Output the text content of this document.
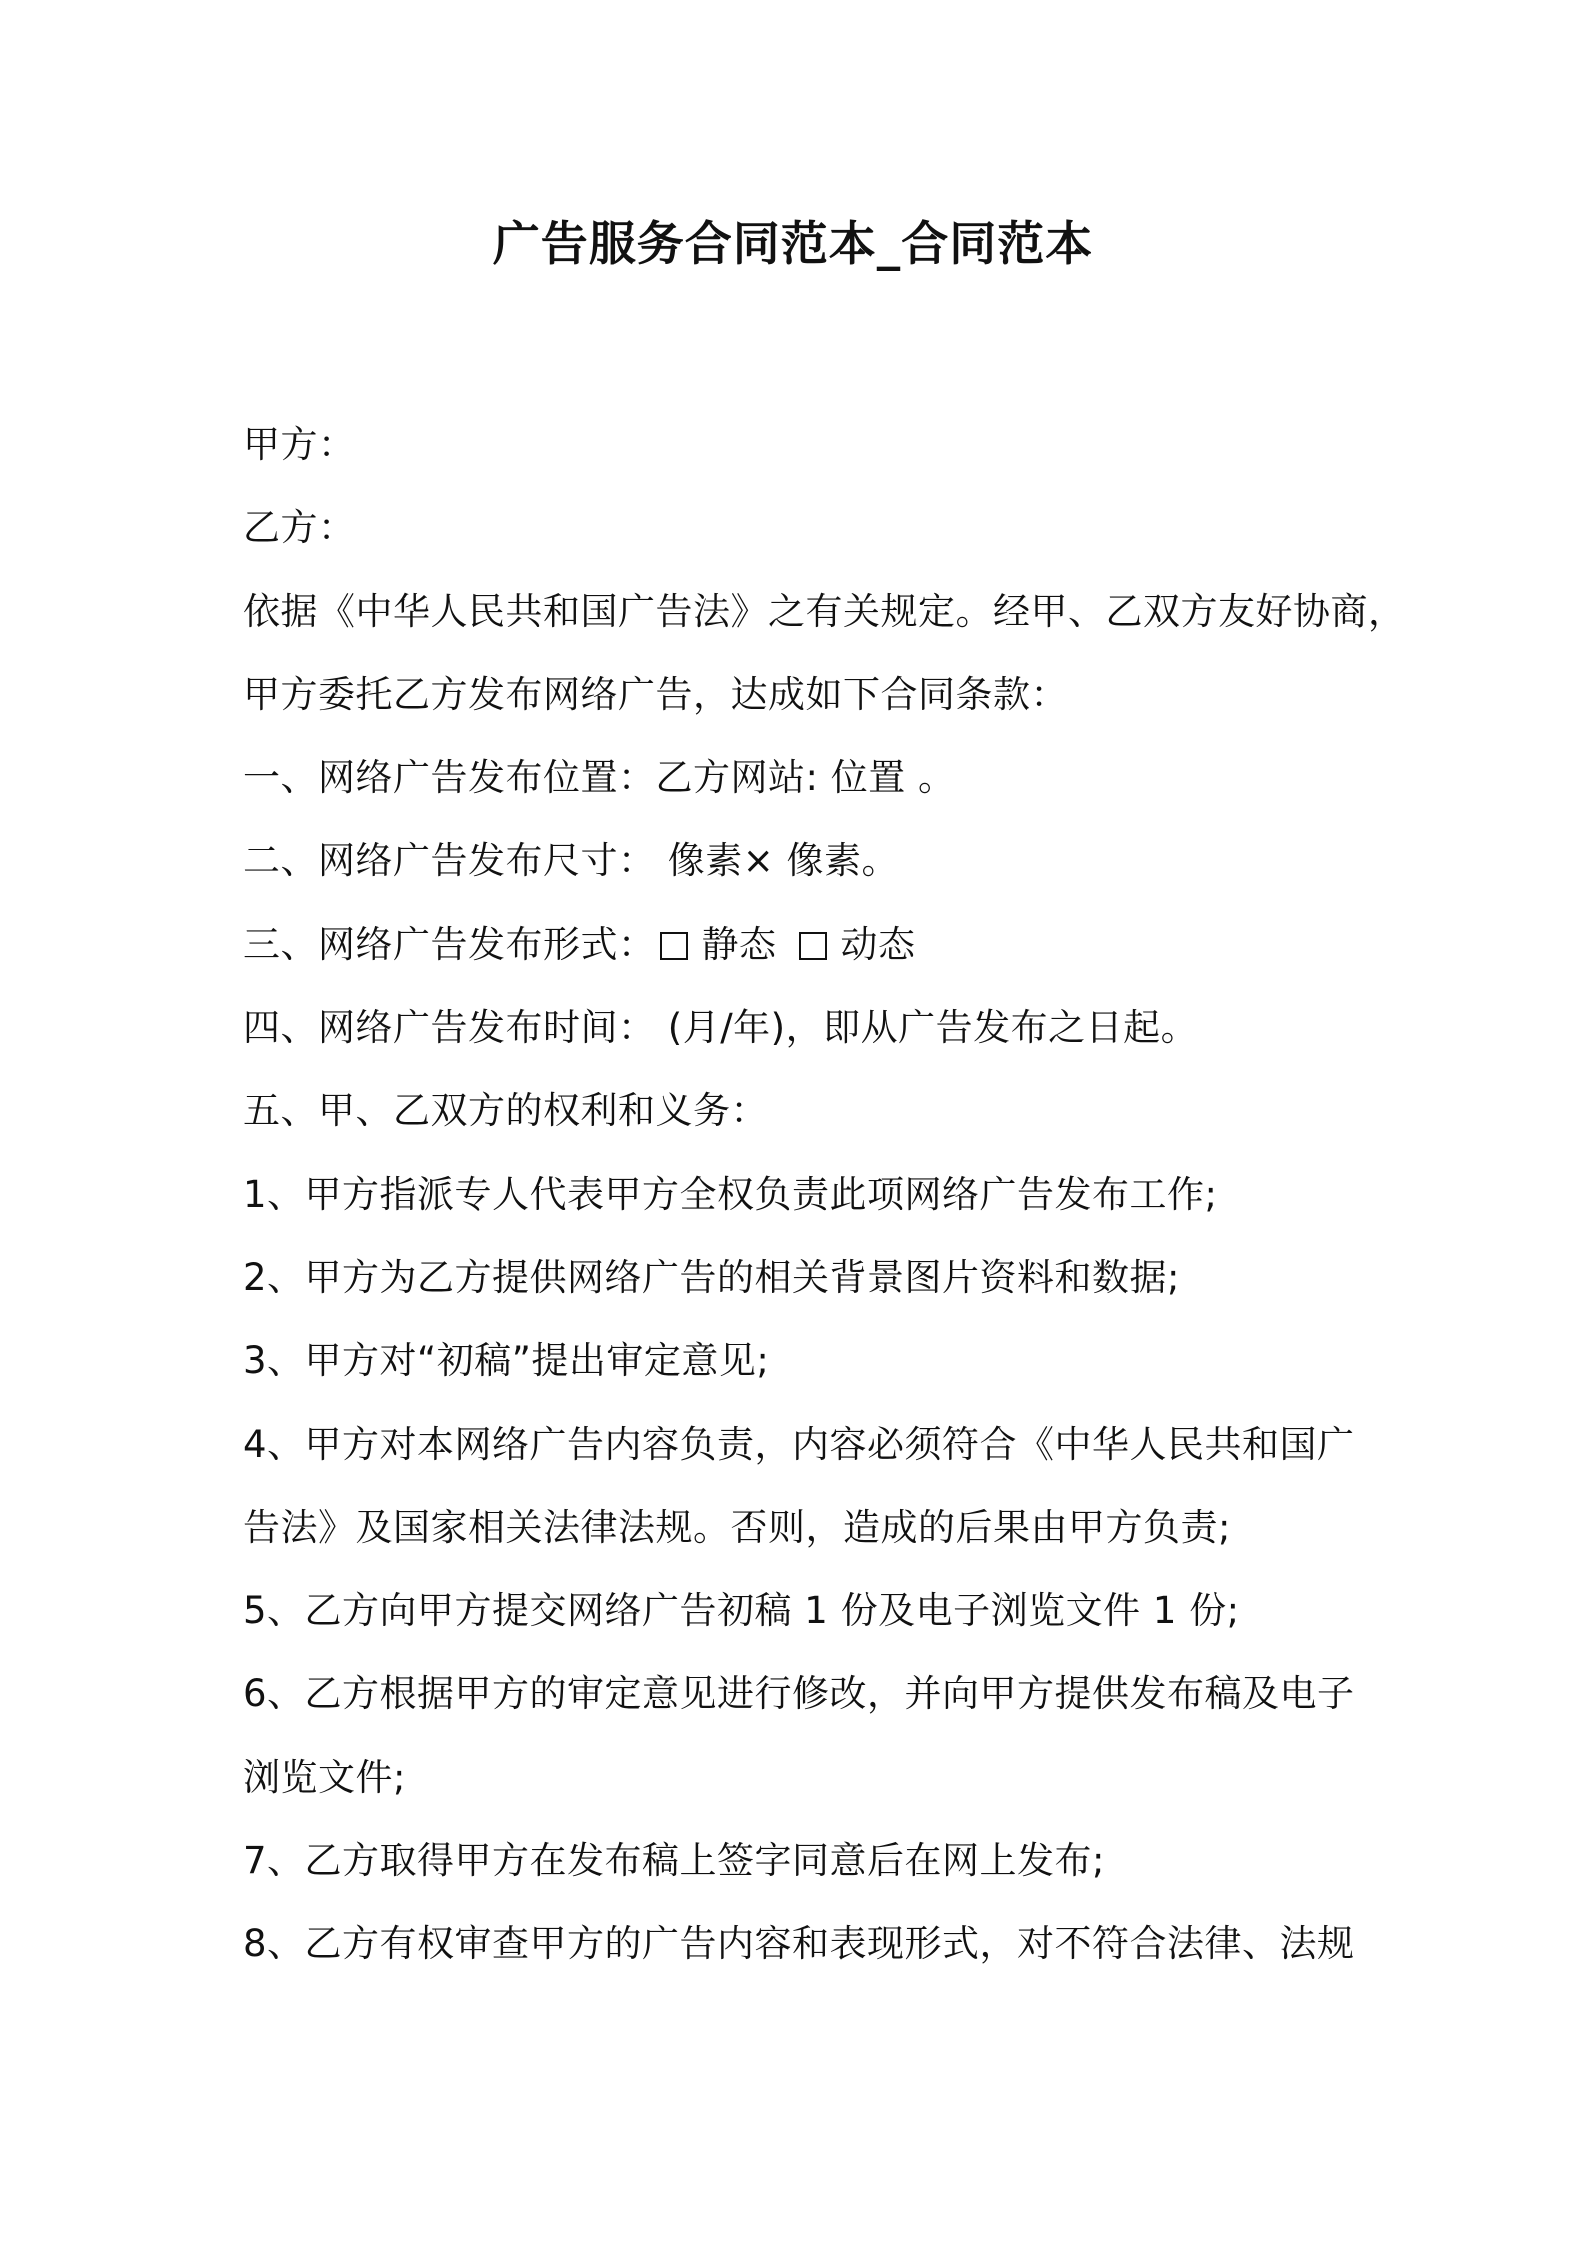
广告服务合同范本_合同范本
甲方：
乙方：
依据《中华人民共和国广告法》之有关规定。经甲、乙双方友好协商，
甲方委托乙方发布网络广告，达成如下合同条款：
一、网络广告发布位置：乙方网站: 位置 。
二、网络广告发布尺寸： 像素× 像素。
三、网络广告发布形式： 静态 动态
四、网络广告发布时间： (月/年)，即从广告发布之日起。
五、甲、乙双方的权利和义务：
1、甲方指派专人代表甲方全权负责此项网络广告发布工作;
2、甲方为乙方提供网络广告的相关背景图片资料和数据;
3、甲方对“初稿”提出审定意见;
4、甲方对本网络广告内容负责，内容必须符合《中华人民共和国广
告法》及国家相关法律法规。否则，造成的后果由甲方负责;
5、乙方向甲方提交网络广告初稿 1 份及电子浏览文件 1 份;
6、乙方根据甲方的审定意见进行修改，并向甲方提供发布稿及电子
浏览文件;
7、乙方取得甲方在发布稿上签字同意后在网上发布;
8、乙方有权审查甲方的广告内容和表现形式，对不符合法律、法规
